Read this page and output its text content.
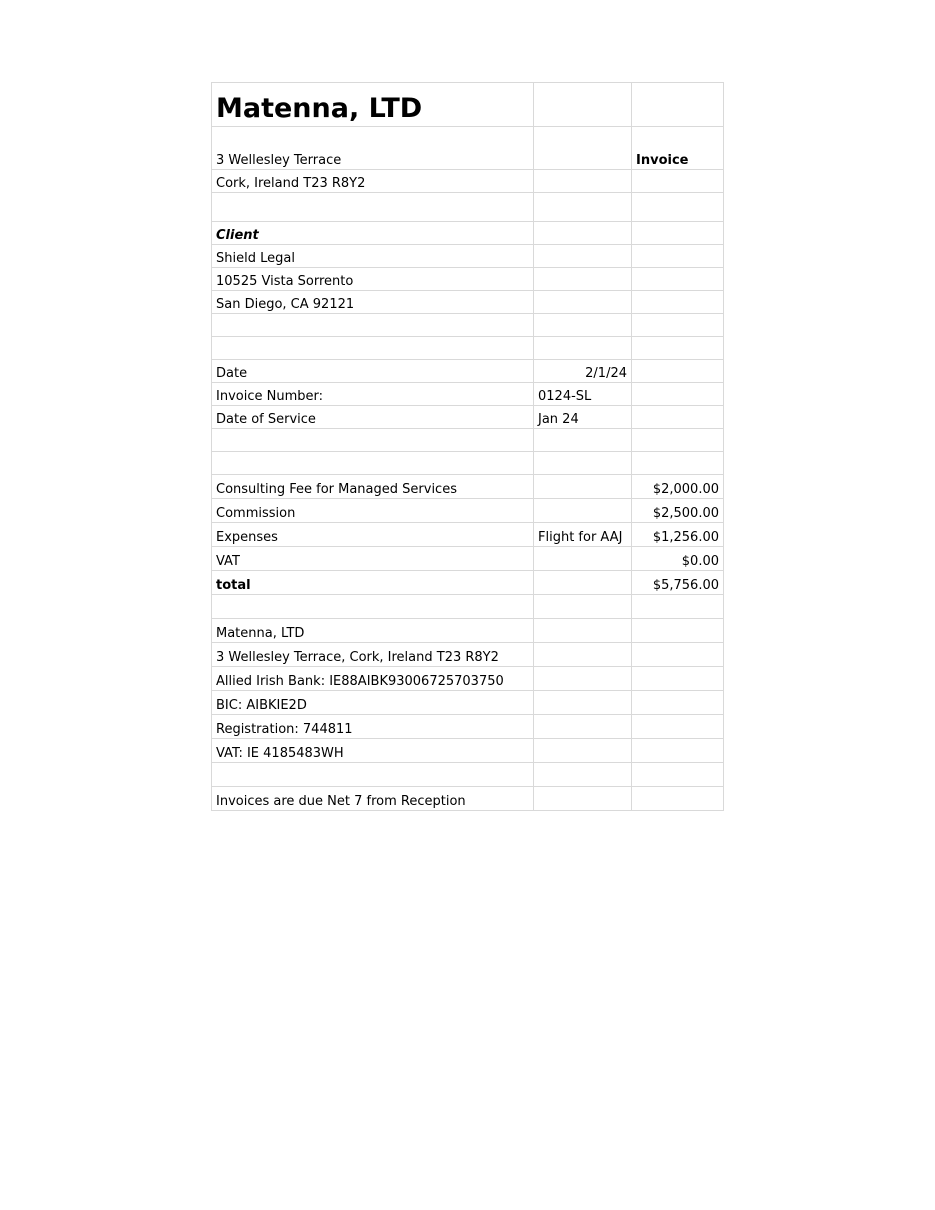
Matenna, LTD		
3 Wellesley Terrace		Invoice
Cork, Ireland T23 R8Y2		

Client		
Shield Legal		
10525 Vista Sorrento		
San Diego, CA 92121		

Date	2/1/24	
Invoice Number:	0124-SL	
Date of Service	Jan 24	

Consulting Fee for Managed Services		$2,000.00
Commission		$2,500.00
Expenses	Flight for AAJ	$1,256.00
VAT		$0.00
total		$5,756.00

Matenna, LTD		
3 Wellesley Terrace, Cork, Ireland T23 R8Y2		
Allied Irish Bank: IE88AIBK93006725703750		
BIC: AIBKIE2D		
Registration: 744811		
VAT: IE 4185483WH		

Invoices are due Net 7 from Reception		
